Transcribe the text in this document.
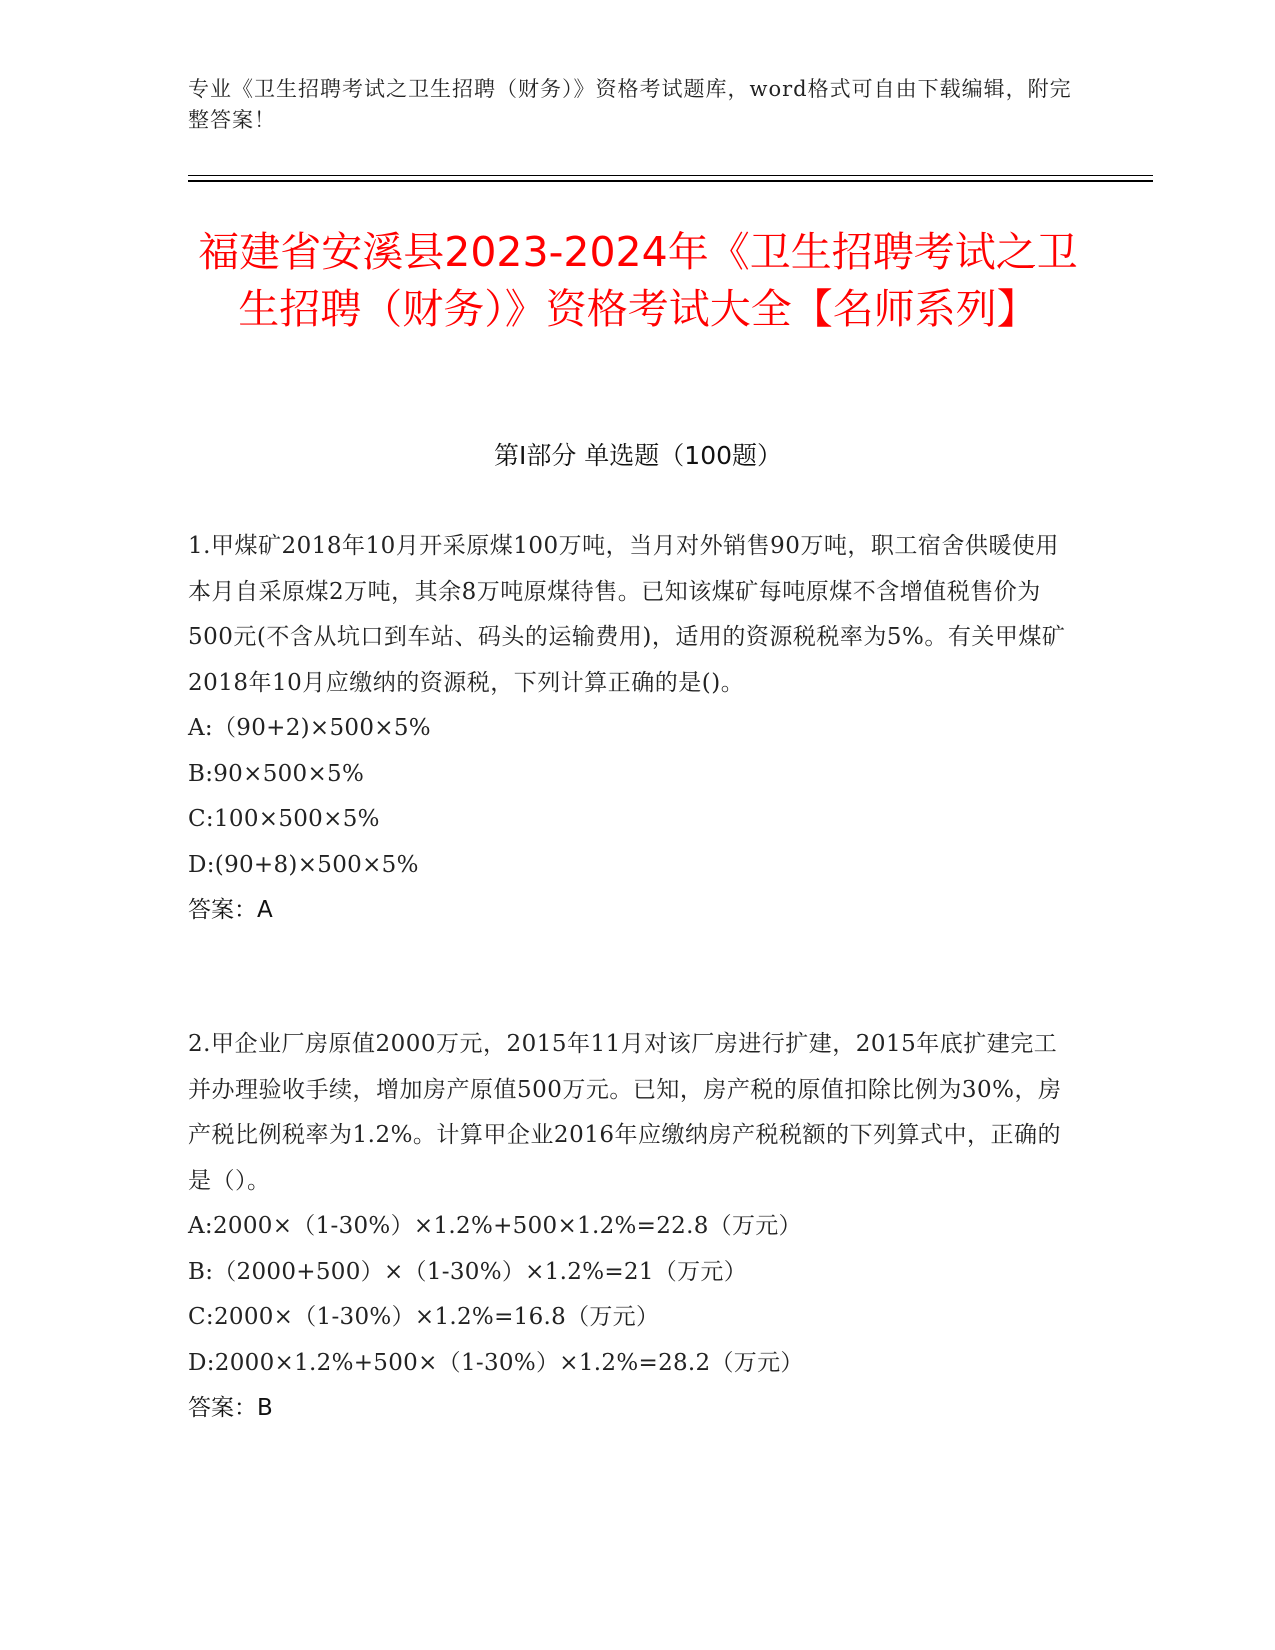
专业《卫生招聘考试之卫生招聘（财务）》资格考试题库，word格式可自由下载编辑，附完整答案！
福建省安溪县2023-2024年《卫生招聘考试之卫生招聘（财务）》资格考试大全【名师系列】
第Ⅰ部分 单选题（100题）
1.甲煤矿2018年10月开采原煤100万吨，当月对外销售90万吨，职工宿舍供暖使用本月自采原煤2万吨，其余8万吨原煤待售。已知该煤矿每吨原煤不含增值税售价为500元(不含从坑口到车站、码头的运输费用)，适用的资源税税率为5%。有关甲煤矿2018年10月应缴纳的资源税，下列计算正确的是()。
A:（90+2)×500×5%
B:90×500×5%
C:100×500×5%
D:(90+8)×500×5%
答案：A
2.甲企业厂房原值2000万元，2015年11月对该厂房进行扩建，2015年底扩建完工并办理验收手续，增加房产原值500万元。已知，房产税的原值扣除比例为30%，房产税比例税率为1.2%。计算甲企业2016年应缴纳房产税税额的下列算式中，正确的是（）。
A:2000×（1-30%）×1.2%+500×1.2%=22.8（万元）
B:（2000+500）×（1-30%）×1.2%=21（万元）
C:2000×（1-30%）×1.2%=16.8（万元）
D:2000×1.2%+500×（1-30%）×1.2%=28.2（万元）
答案：B
